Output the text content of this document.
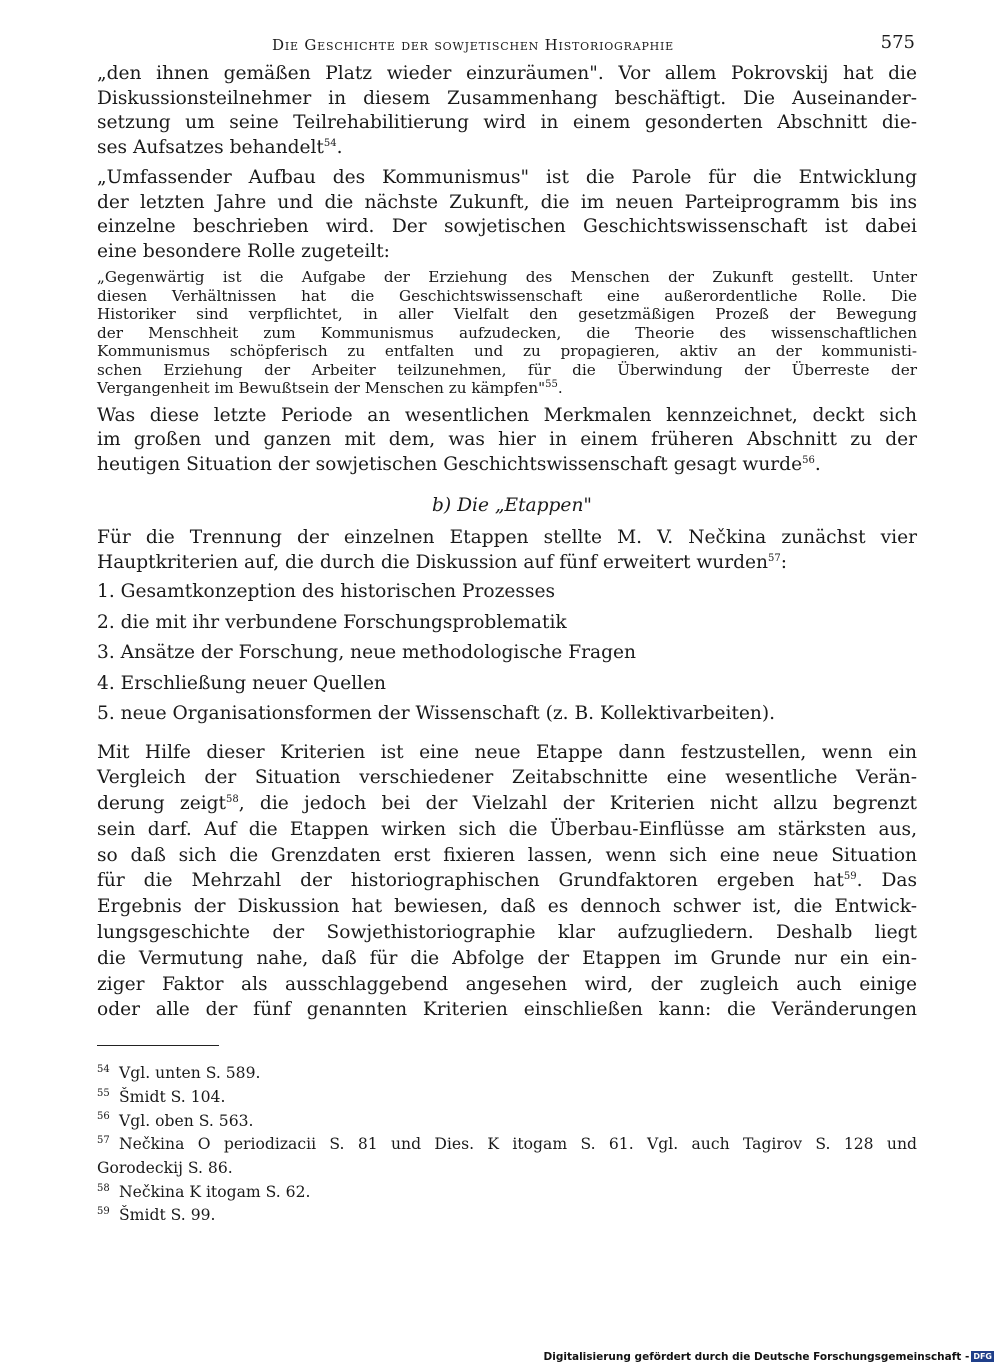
Die Geschichte der sowjetischen Historiographie	575
„den ihnen gemäßen Platz wieder einzuräumen". Vor allem Pokrovskij hat die
Diskussionsteilnehmer in diesem Zusammenhang beschäftigt. Die Auseinander-
setzung um seine Teilrehabilitierung wird in einem gesonderten Abschnitt die-
ses Aufsatzes behandelt$^{54}$.
„Umfassender Aufbau des Kommunismus" ist die Parole für die Entwicklung
der letzten Jahre und die nächste Zukunft, die im neuen Parteiprogramm bis ins
einzelne beschrieben wird. Der sowjetischen Geschichtswissenschaft ist dabei
eine besondere Rolle zugeteilt:
„Gegenwärtig ist die Aufgabe der Erziehung des Menschen der Zukunft gestellt. Unter
diesen Verhältnissen hat die Geschichtswissenschaft eine außerordentliche Rolle. Die
Historiker sind verpflichtet, in aller Vielfalt den gesetzmäßigen Prozeß der Bewegung
der Menschheit zum Kommunismus aufzudecken, die Theorie des wissenschaftlichen
Kommunismus schöpferisch zu entfalten und zu propagieren, aktiv an der kommunisti-
schen Erziehung der Arbeiter teilzunehmen, für die Überwindung der Überreste der
Vergangenheit im Bewußtsein der Menschen zu kämpfen"$^{55}$.
Was diese letzte Periode an wesentlichen Merkmalen kennzeichnet, deckt sich
im großen und ganzen mit dem, was hier in einem früheren Abschnitt zu der
heutigen Situation der sowjetischen Geschichtswissenschaft gesagt wurde$^{56}$.
b) Die „Etappen"
Für die Trennung der einzelnen Etappen stellte M. V. Nečkina zunächst vier
Hauptkriterien auf, die durch die Diskussion auf fünf erweitert wurden$^{57}$:
1. Gesamtkonzeption des historischen Prozesses
2. die mit ihr verbundene Forschungsproblematik
3. Ansätze der Forschung, neue methodologische Fragen
4. Erschließung neuer Quellen
5. neue Organisationsformen der Wissenschaft (z. B. Kollektivarbeiten).
Mit Hilfe dieser Kriterien ist eine neue Etappe dann festzustellen, wenn ein
Vergleich der Situation verschiedener Zeitabschnitte eine wesentliche Verän-
derung zeigt$^{58}$, die jedoch bei der Vielzahl der Kriterien nicht allzu begrenzt
sein darf. Auf die Etappen wirken sich die Überbau-Einflüsse am stärksten aus,
so daß sich die Grenzdaten erst fixieren lassen, wenn sich eine neue Situation
für die Mehrzahl der historiographischen Grundfaktoren ergeben hat$^{59}$. Das
Ergebnis der Diskussion hat bewiesen, daß es dennoch schwer ist, die Entwick-
lungsgeschichte der Sowjethistoriographie klar aufzugliedern. Deshalb liegt
die Vermutung nahe, daß für die Abfolge der Etappen im Grunde nur ein ein-
ziger Faktor als ausschlaggebend angesehen wird, der zugleich auch einige
oder alle der fünf genannten Kriterien einschließen kann: die Veränderungen
54 Vgl. unten S. 589.
55 Šmidt S. 104.
56 Vgl. oben S. 563.
57 Nečkina O periodizacii S. 81 und Dies. K itogam S. 61. Vgl. auch Tagirov S. 128 und
Gorodeckij S. 86.
58 Nečkina K itogam S. 62.
59 Šmidt S. 99.
Digitalisierung gefördert durch die Deutsche Forschungsgemeinschaft - DFG
